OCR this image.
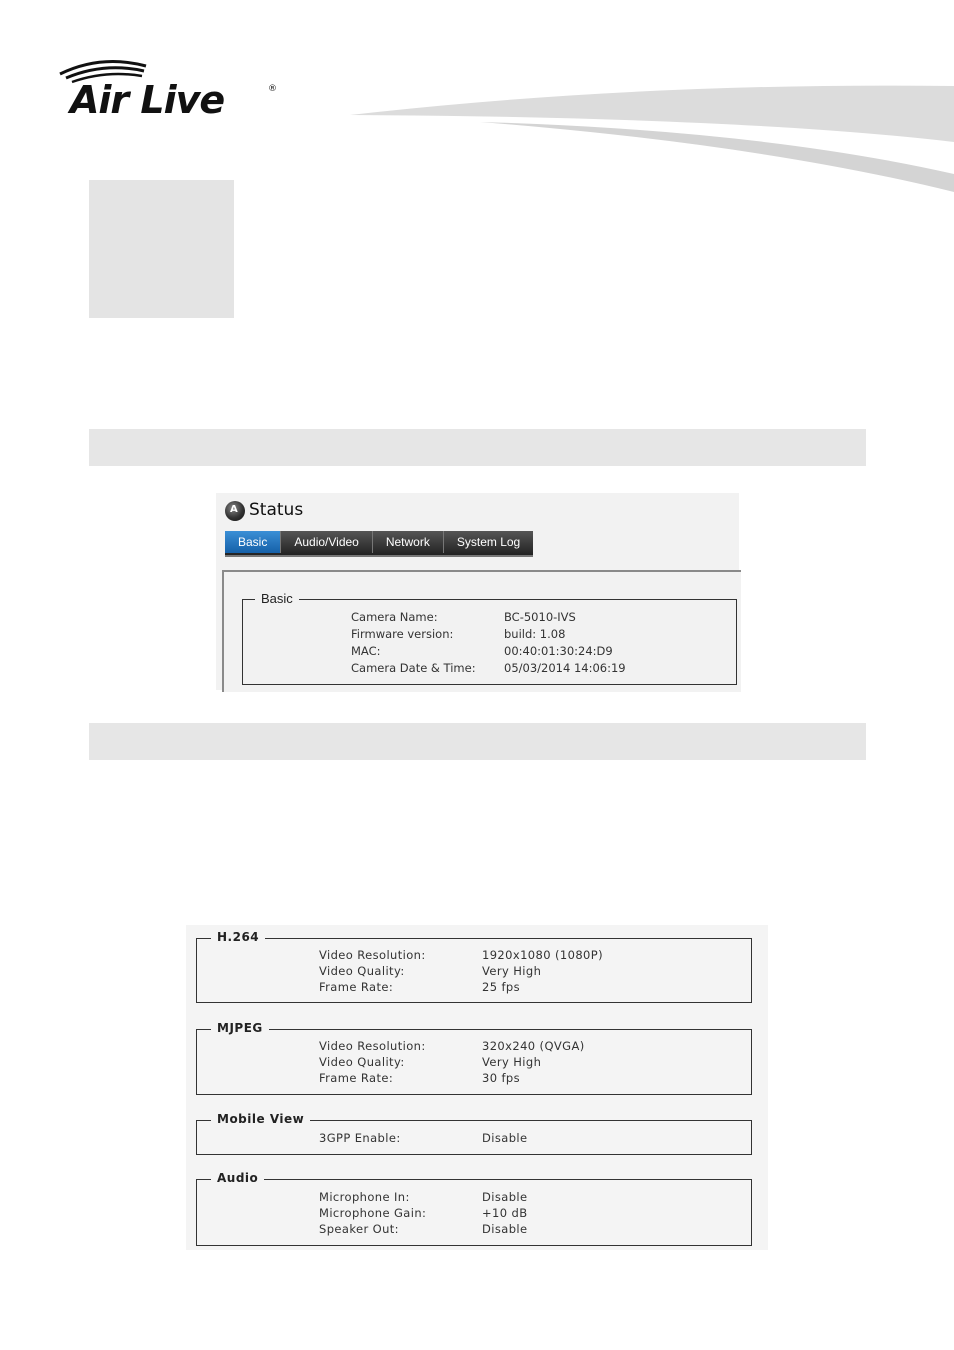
Air Live	®
A Status
Basic	Audio/Video	Network	System Log
Basic
Camera Name:	BC-5010-IVS
Firmware version:	build: 1.08
MAC:	00:40:01:30:24:D9
Camera Date & Time: 05/03/2014 14:06:19
H.264
Video Resolution:	1920x1080 (1080P)
Video Quality:	Very High
Frame Rate:	25 fps
MJPEG
Video Resolution:	320x240 (QVGA)
Video Quality:	Very High
Frame Rate:	30 fps
Mobile View
3GPP Enable:	Disable
Audio
Microphone In:	Disable
Microphone Gain:	+10 dB
Speaker Out:	Disable
